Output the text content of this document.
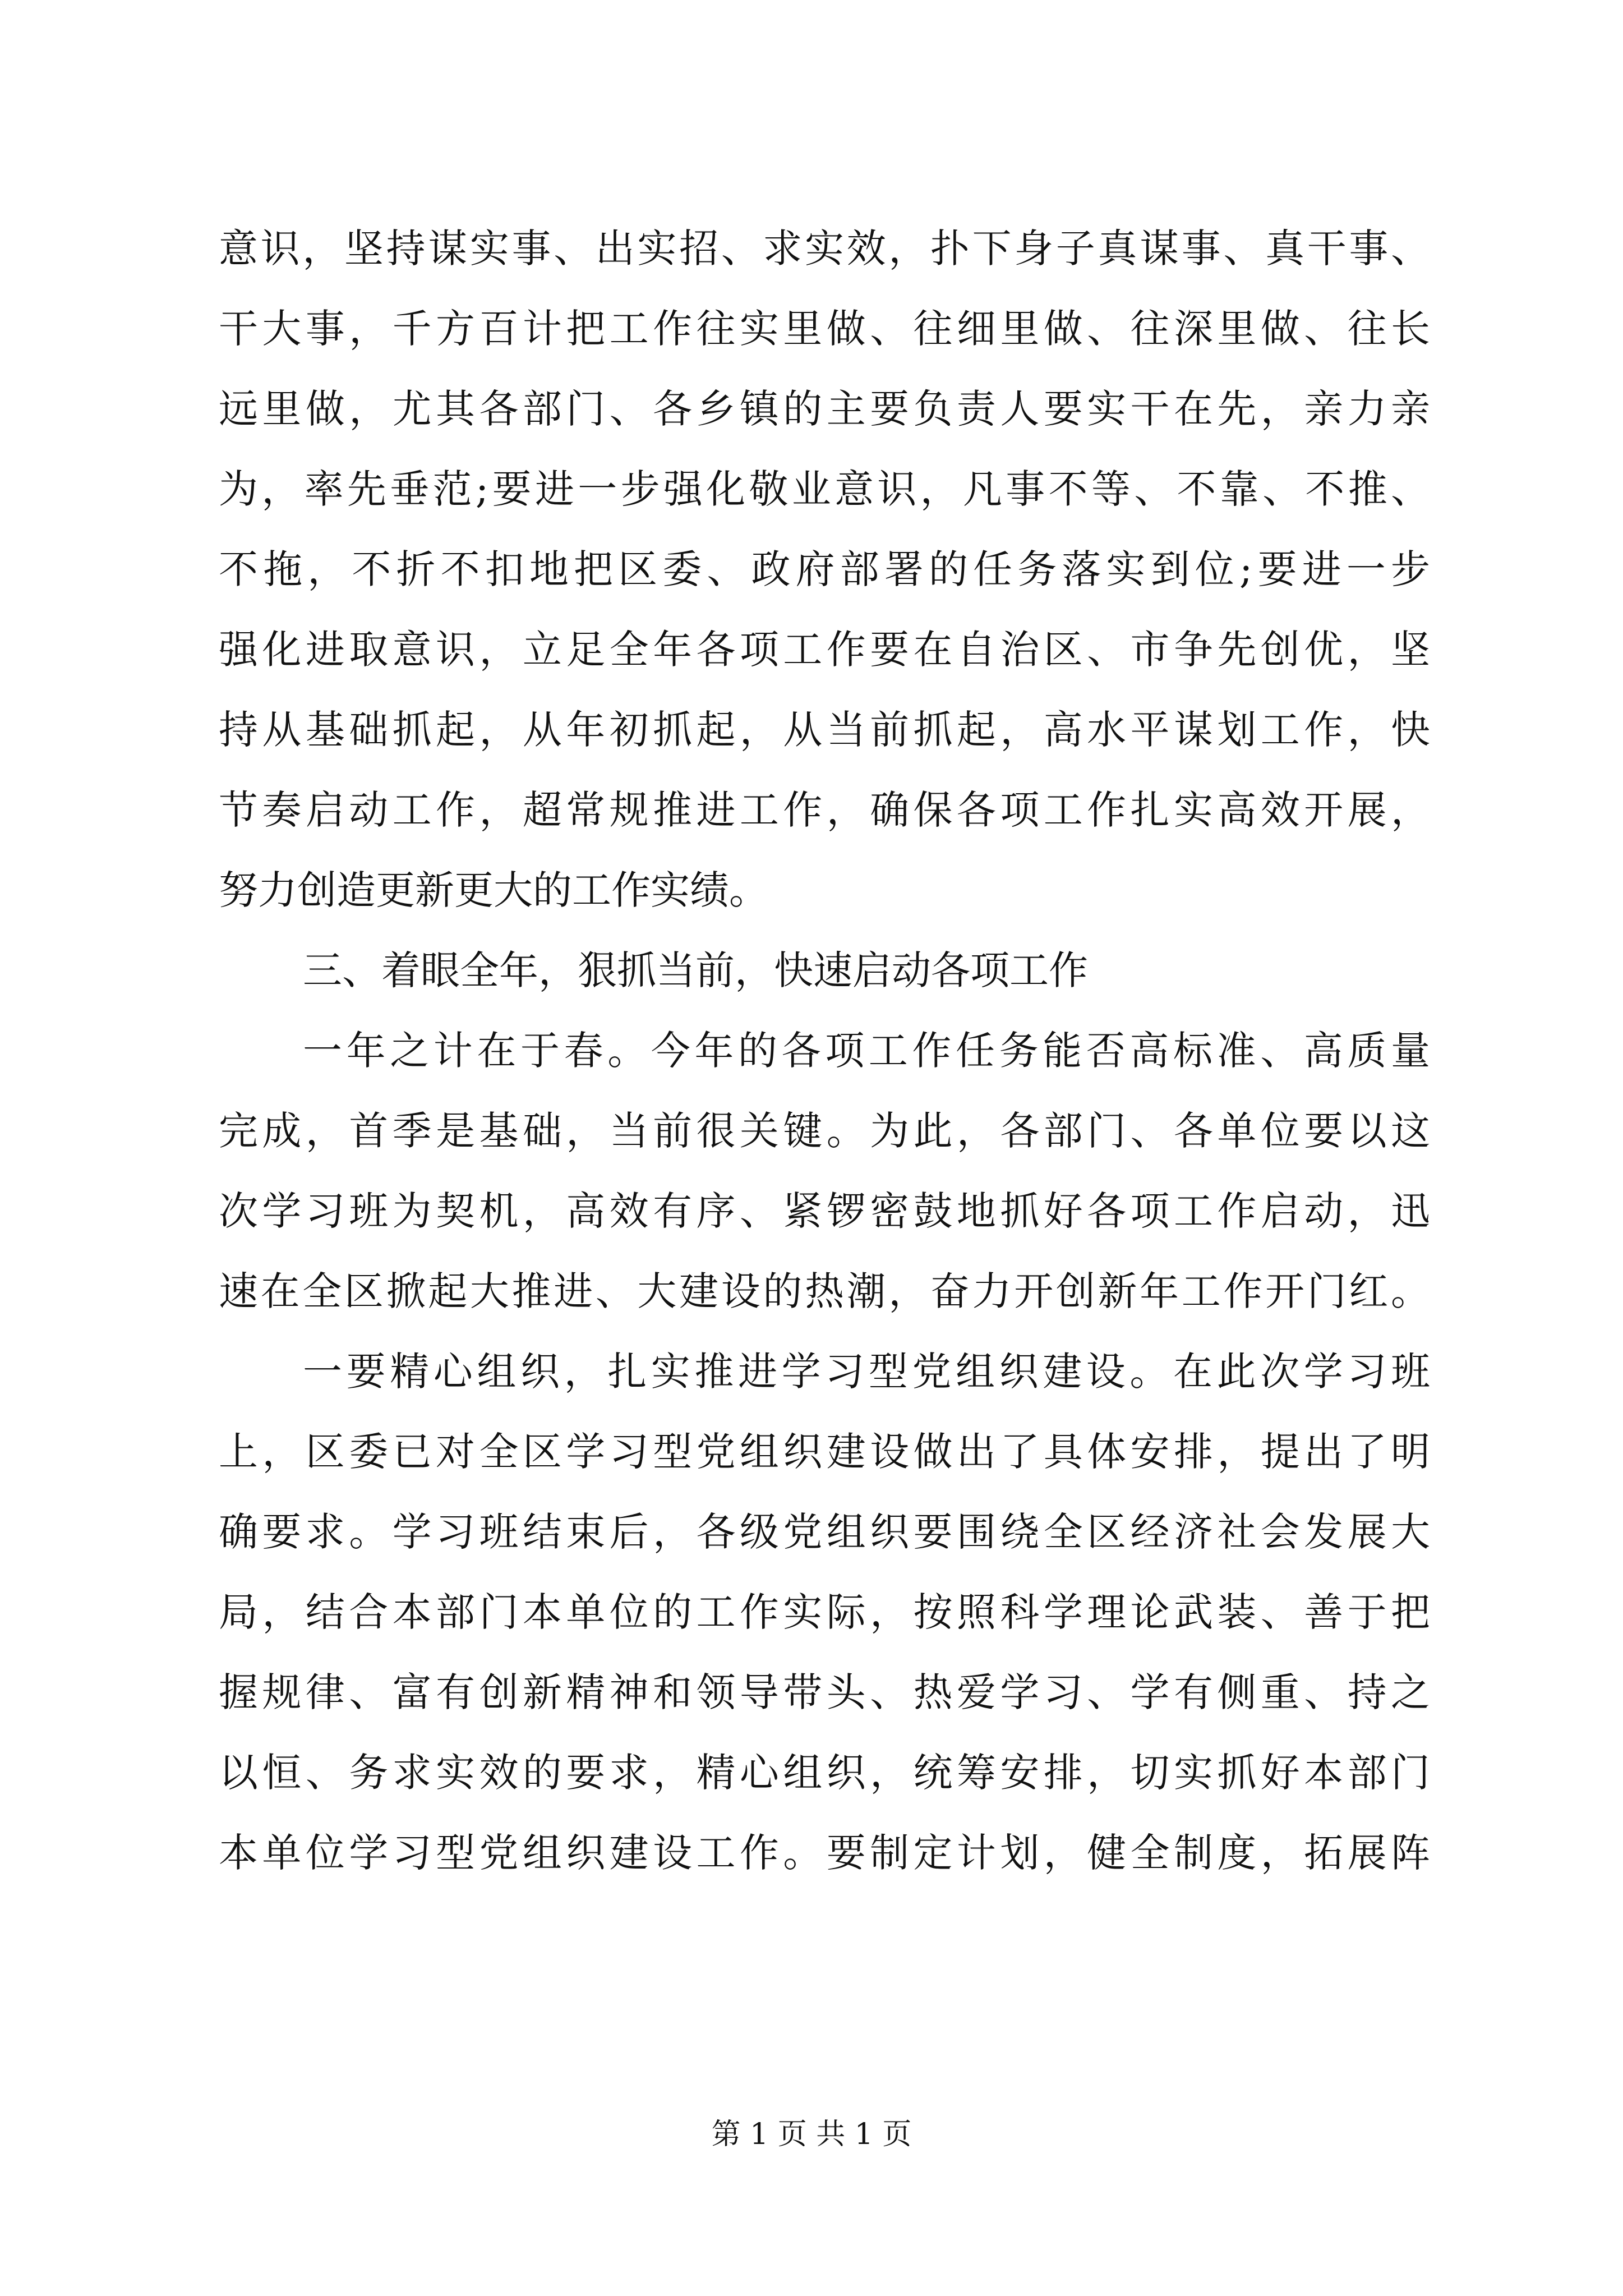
意识，坚持谋实事、出实招、求实效，扑下身子真谋事、真干事、
干大事，千方百计把工作往实里做、往细里做、往深里做、往长
远里做，尤其各部门、各乡镇的主要负责人要实干在先，亲力亲
为，率先垂范;要进一步强化敬业意识，凡事不等、不靠、不推、
不拖，不折不扣地把区委、政府部署的任务落实到位;要进一步
强化进取意识，立足全年各项工作要在自治区、市争先创优，坚
持从基础抓起，从年初抓起，从当前抓起，高水平谋划工作，快
节奏启动工作，超常规推进工作，确保各项工作扎实高效开展，
努力创造更新更大的工作实绩。
三、着眼全年，狠抓当前，快速启动各项工作
一年之计在于春。今年的各项工作任务能否高标准、高质量
完成，首季是基础，当前很关键。为此，各部门、各单位要以这
次学习班为契机，高效有序、紧锣密鼓地抓好各项工作启动，迅
速在全区掀起大推进、大建设的热潮，奋力开创新年工作开门红。
一要精心组织，扎实推进学习型党组织建设。在此次学习班
上，区委已对全区学习型党组织建设做出了具体安排，提出了明
确要求。学习班结束后，各级党组织要围绕全区经济社会发展大
局，结合本部门本单位的工作实际，按照科学理论武装、善于把
握规律、富有创新精神和领导带头、热爱学习、学有侧重、持之
以恒、务求实效的要求，精心组织，统筹安排，切实抓好本部门
本单位学习型党组织建设工作。要制定计划，健全制度，拓展阵
第 1 页 共 1 页
